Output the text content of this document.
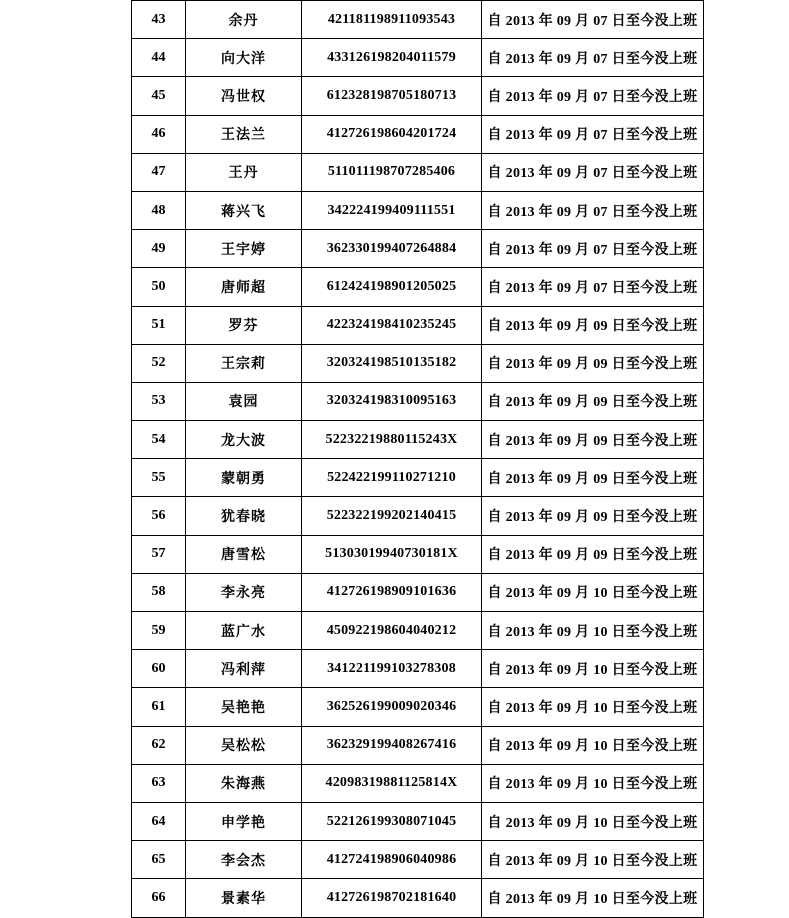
43	余丹	421181198911093543	自 2013 年 09 月 07 日至今没上班
44	向大洋	433126198204011579	自 2013 年 09 月 07 日至今没上班
45	冯世权	612328198705180713	自 2013 年 09 月 07 日至今没上班
46	王法兰	412726198604201724	自 2013 年 09 月 07 日至今没上班
47	王丹	511011198707285406	自 2013 年 09 月 07 日至今没上班
48	蒋兴飞	342224199409111551	自 2013 年 09 月 07 日至今没上班
49	王宇婷	362330199407264884	自 2013 年 09 月 07 日至今没上班
50	唐师超	612424198901205025	自 2013 年 09 月 07 日至今没上班
51	罗芬	422324198410235245	自 2013 年 09 月 09 日至今没上班
52	王宗莉	320324198510135182	自 2013 年 09 月 09 日至今没上班
53	袁园	320324198310095163	自 2013 年 09 月 09 日至今没上班
54	龙大波	52232219880115243X	自 2013 年 09 月 09 日至今没上班
55	蒙朝勇	522422199110271210	自 2013 年 09 月 09 日至今没上班
56	犹春晓	522322199202140415	自 2013 年 09 月 09 日至今没上班
57	唐雪松	51303019940730181X	自 2013 年 09 月 09 日至今没上班
58	李永亮	412726198909101636	自 2013 年 09 月 10 日至今没上班
59	蓝广水	450922198604040212	自 2013 年 09 月 10 日至今没上班
60	冯利萍	341221199103278308	自 2013 年 09 月 10 日至今没上班
61	吴艳艳	362526199009020346	自 2013 年 09 月 10 日至今没上班
62	吴松松	362329199408267416	自 2013 年 09 月 10 日至今没上班
63	朱海燕	42098319881125814X	自 2013 年 09 月 10 日至今没上班
64	申学艳	522126199308071045	自 2013 年 09 月 10 日至今没上班
65	李会杰	412724198906040986	自 2013 年 09 月 10 日至今没上班
66	景素华	412726198702181640	自 2013 年 09 月 10 日至今没上班
